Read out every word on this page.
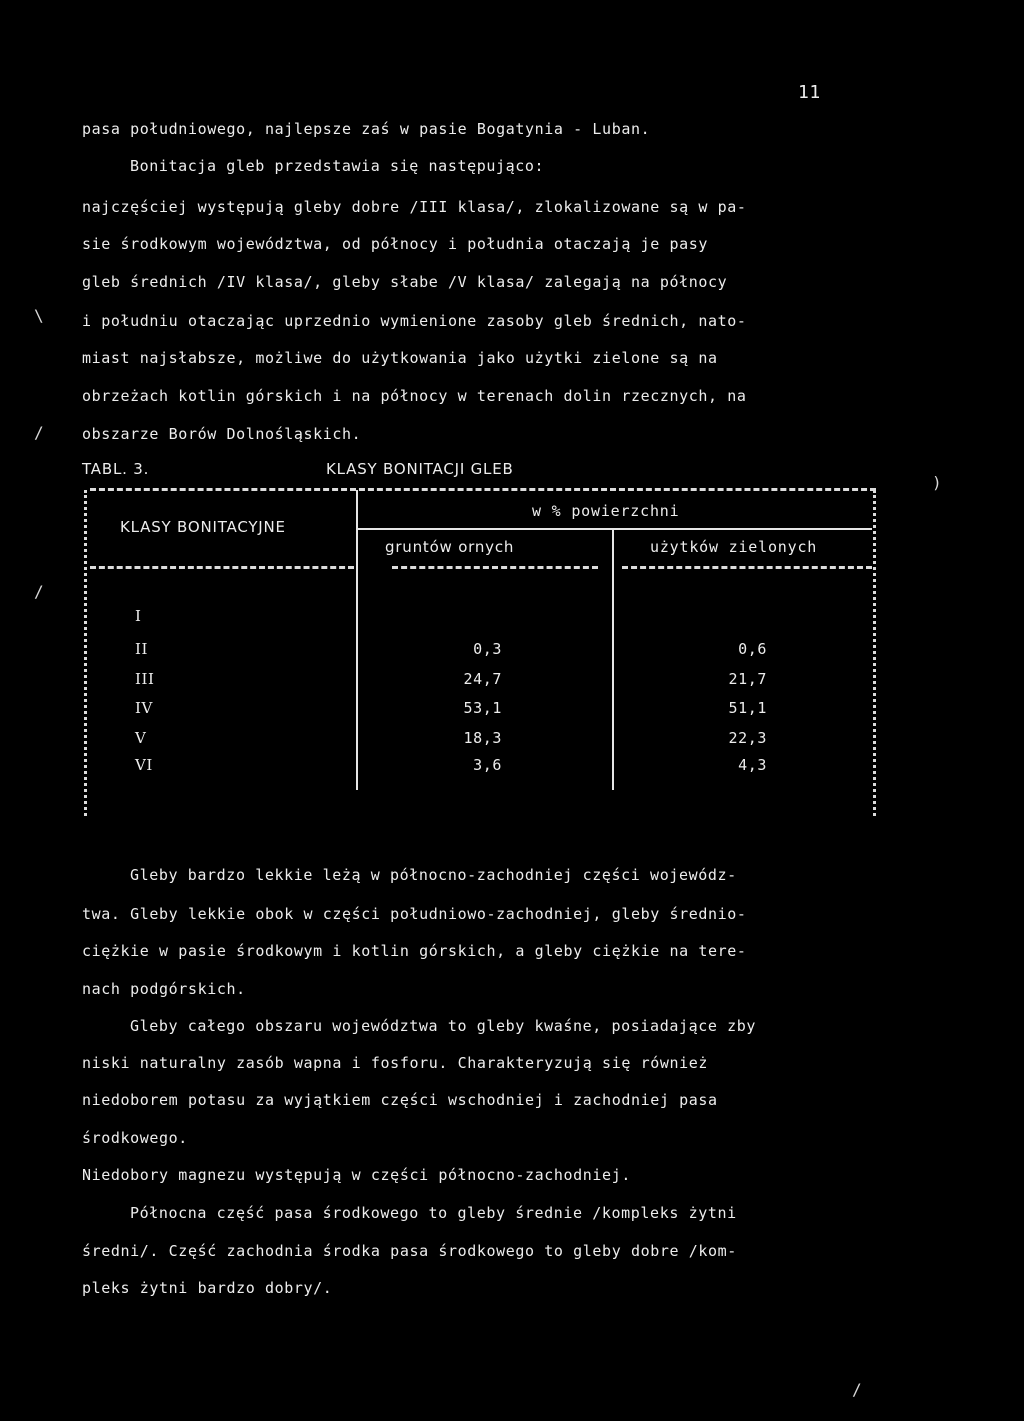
11
pasa południowego, najlepsze zaś w pasie Bogatynia - Luban.
Bonitacja gleb przedstawia się następująco:
najczęściej występują gleby dobre /III klasa/, zlokalizowane są w pa-
sie środkowym województwa, od północy i południa otaczają je pasy
gleb średnich /IV klasa/, gleby słabe /V klasa/ zalegają na północy
i południu otaczając uprzednio wymienione zasoby gleb średnich, nato-
miast najsłabsze, możliwe do użytkowania jako użytki zielone są na
obrzeżach kotlin górskich i na północy w terenach dolin rzecznych, na
obszarze Borów Dolnośląskich.
\
/
)
/
/
TABL. 3.	KLASY BONITACJI GLEB
KLASY BONITACYJNE
w % powierzchni
gruntów ornych	użytków zielonych
I
II	0,3	0,6
III	24,7	21,7
IV	53,1	51,1
V	18,3	22,3
VI	3,6	4,3
Gleby bardzo lekkie leżą w północno-zachodniej części wojewódz-
twa. Gleby lekkie obok w części południowo-zachodniej, gleby średnio-
ciężkie w pasie środkowym i kotlin górskich, a gleby ciężkie na tere-
nach podgórskich.
Gleby całego obszaru województwa to gleby kwaśne, posiadające zby
niski naturalny zasób wapna i fosforu. Charakteryzują się również
niedoborem potasu za wyjątkiem części wschodniej i zachodniej pasa
środkowego.
Niedobory magnezu występują w części północno-zachodniej.
Północna część pasa środkowego to gleby średnie /kompleks żytni
średni/. Część zachodnia środka pasa środkowego to gleby dobre /kom-
pleks żytni bardzo dobry/.
